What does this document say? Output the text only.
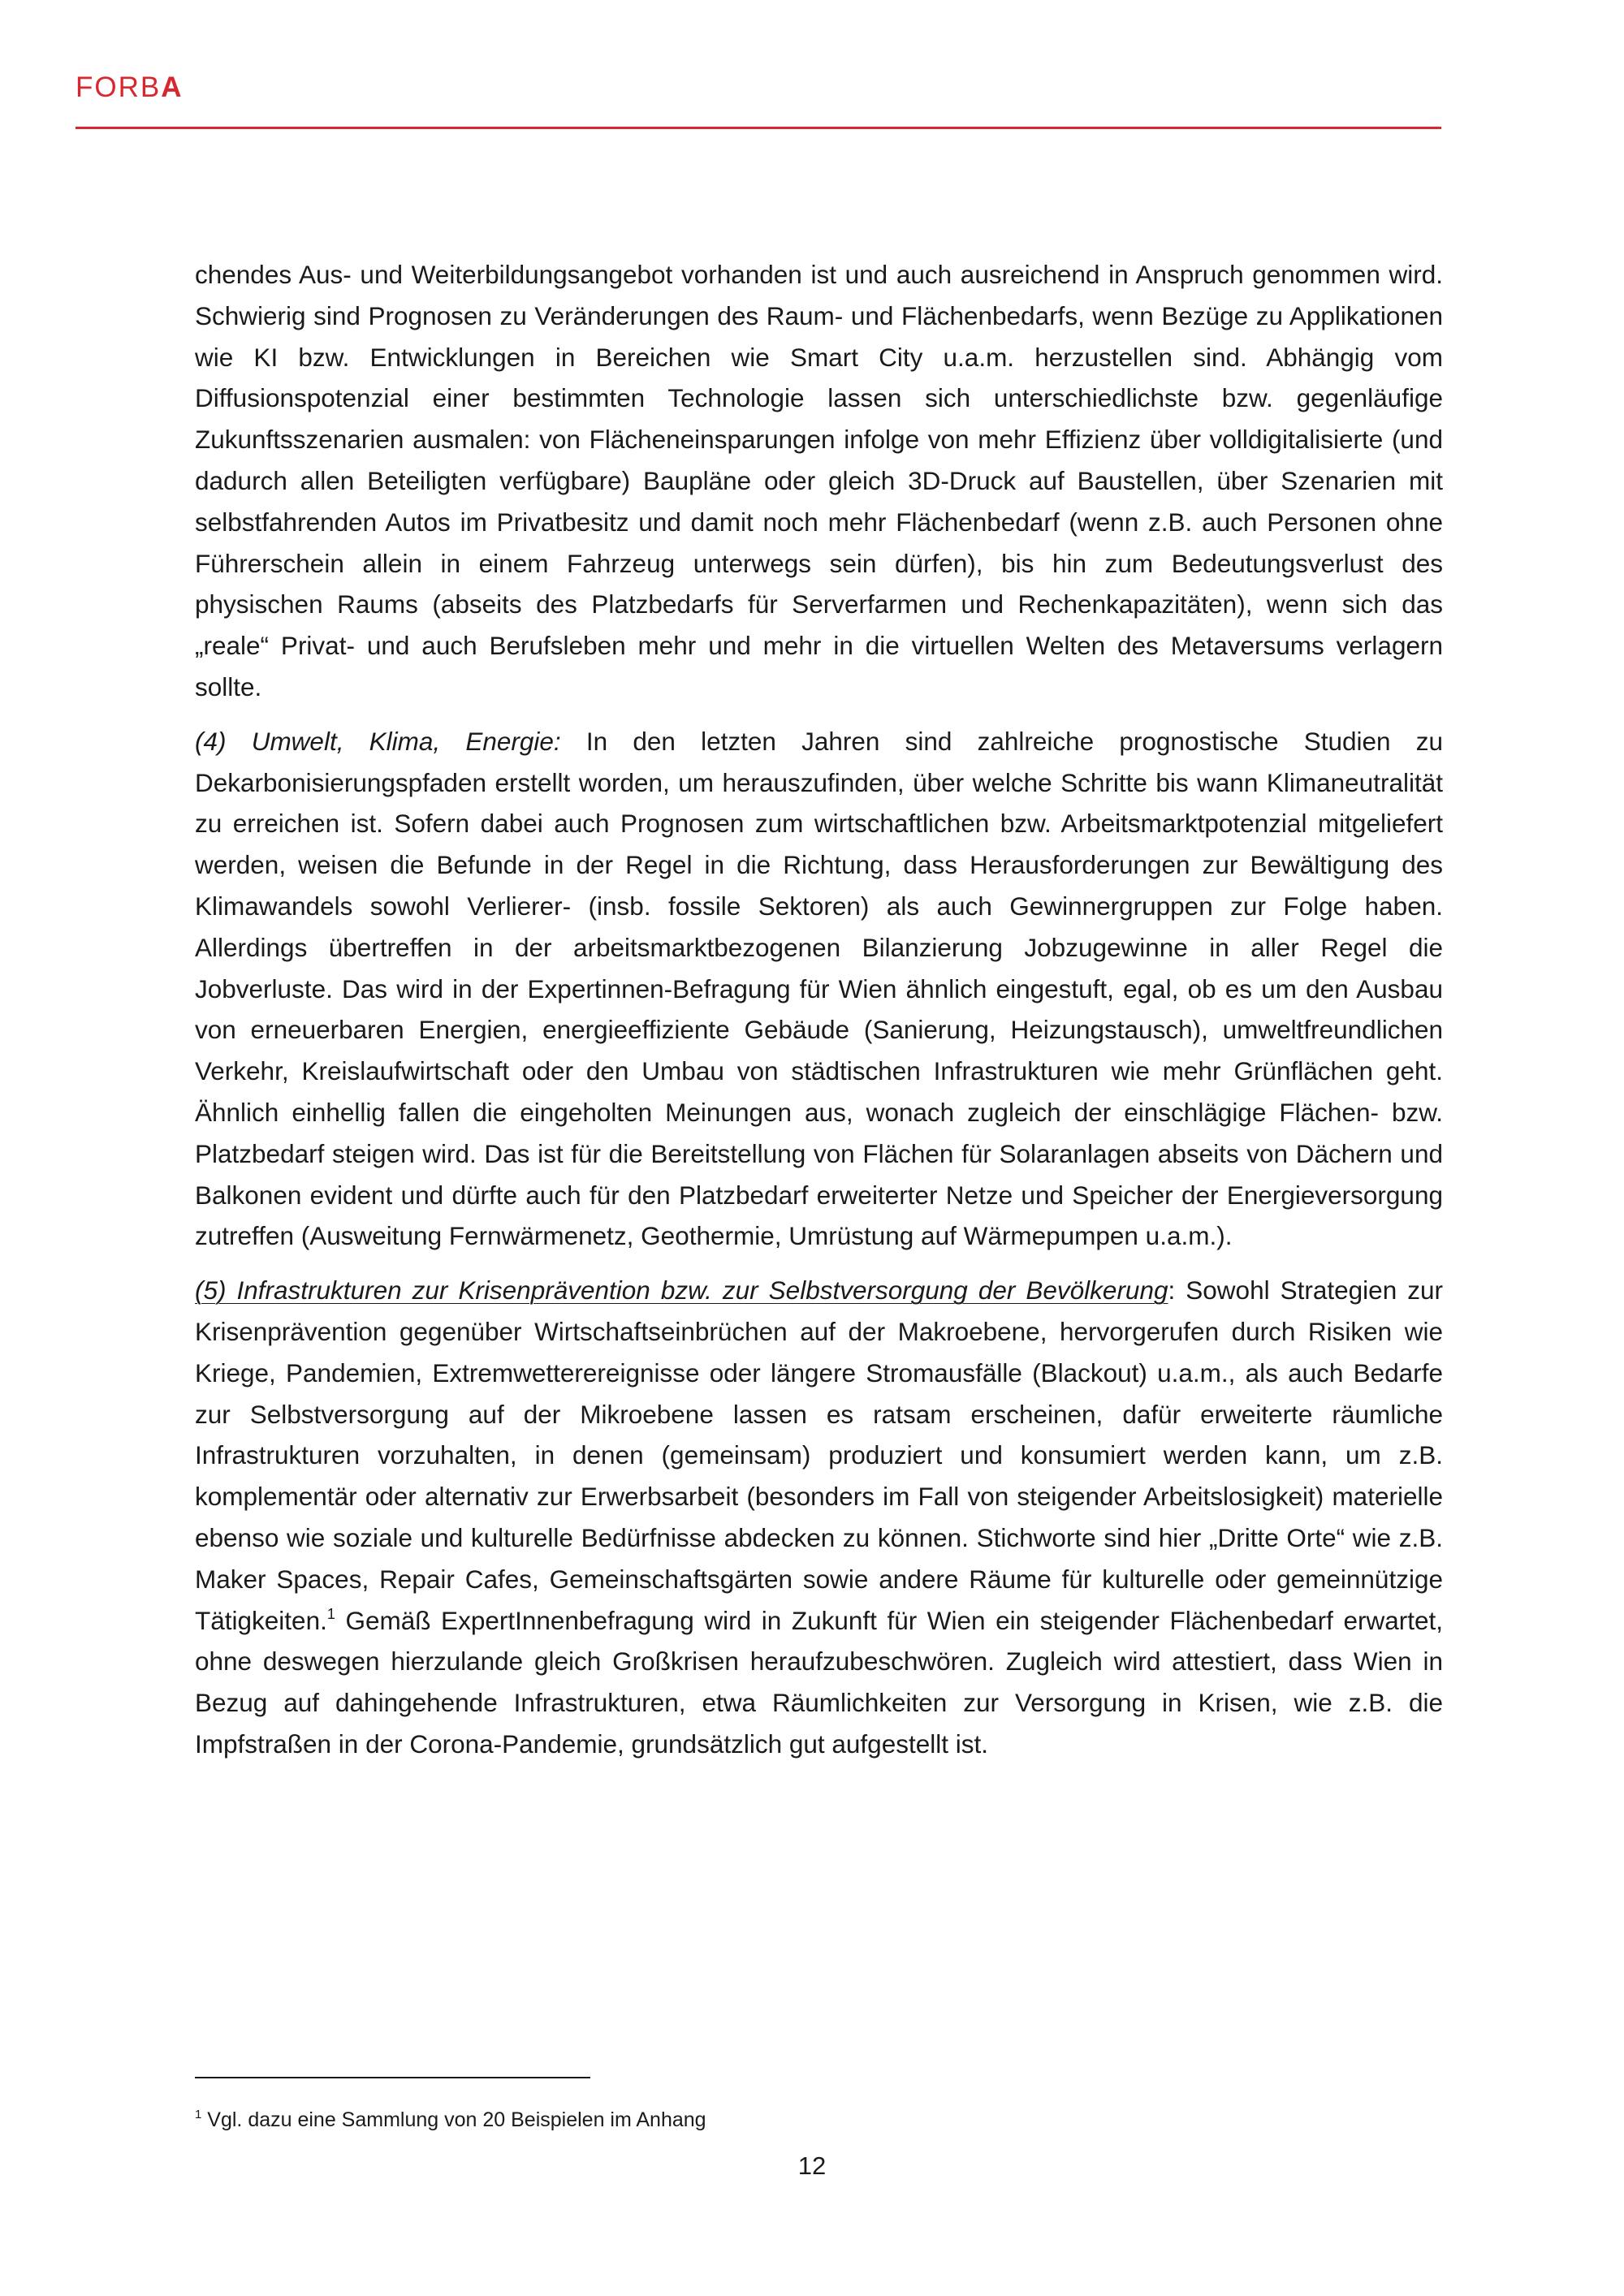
FORBA

chendes Aus- und Weiterbildungsangebot vorhanden ist und auch ausreichend in Anspruch genommen wird. Schwierig sind Prognosen zu Veränderungen des Raum- und Flächenbedarfs, wenn Bezüge zu Applikationen wie KI bzw. Entwicklungen in Bereichen wie Smart City u.a.m. herzustellen sind. Abhängig vom Diffusionspotenzial einer bestimmten Technologie lassen sich unterschiedlichste bzw. gegenläufige Zukunftsszenarien ausmalen: von Flächeneinsparungen infolge von mehr Effizienz über volldigitalisierte (und dadurch allen Beteiligten verfügbare) Baupläne oder gleich 3D-Druck auf Baustellen, über Szenarien mit selbstfahrenden Autos im Privatbesitz und damit noch mehr Flächenbedarf (wenn z.B. auch Personen ohne Führerschein allein in einem Fahrzeug unterwegs sein dürfen), bis hin zum Bedeutungsverlust des physischen Raums (abseits des Platzbedarfs für Serverfarmen und Rechenkapazitäten), wenn sich das „reale“ Privat- und auch Berufsleben mehr und mehr in die virtuellen Welten des Metaversums verlagern sollte.

(4) Umwelt, Klima, Energie: In den letzten Jahren sind zahlreiche prognostische Studien zu Dekarbonisierungspfaden erstellt worden, um herauszufinden, über welche Schritte bis wann Klimaneutralität zu erreichen ist. Sofern dabei auch Prognosen zum wirtschaftlichen bzw. Arbeitsmarktpotenzial mitgeliefert werden, weisen die Befunde in der Regel in die Richtung, dass Herausforderungen zur Bewältigung des Klimawandels sowohl Verlierer- (insb. fossile Sektoren) als auch Gewinnergruppen zur Folge haben. Allerdings übertreffen in der arbeitsmarktbezogenen Bilanzierung Jobzugewinne in aller Regel die Jobverluste. Das wird in der Expertinnen-Befragung für Wien ähnlich eingestuft, egal, ob es um den Ausbau von erneuerbaren Energien, energieeffiziente Gebäude (Sanierung, Heizungstausch), umweltfreundlichen Verkehr, Kreislaufwirtschaft oder den Umbau von städtischen Infrastrukturen wie mehr Grünflächen geht. Ähnlich einhellig fallen die eingeholten Meinungen aus, wonach zugleich der einschlägige Flächen- bzw. Platzbedarf steigen wird. Das ist für die Bereitstellung von Flächen für Solaranlagen abseits von Dächern und Balkonen evident und dürfte auch für den Platzbedarf erweiterter Netze und Speicher der Energieversorgung zutreffen (Ausweitung Fernwärmenetz, Geothermie, Umrüstung auf Wärmepumpen u.a.m.).

(5) Infrastrukturen zur Krisenprävention bzw. zur Selbstversorgung der Bevölkerung: Sowohl Strategien zur Krisenprävention gegenüber Wirtschaftseinbrüchen auf der Makroebene, hervorgerufen durch Risiken wie Kriege, Pandemien, Extremwetterereignisse oder längere Stromausfälle (Blackout) u.a.m., als auch Bedarfe zur Selbstversorgung auf der Mikroebene lassen es ratsam erscheinen, dafür erweiterte räumliche Infrastrukturen vorzuhalten, in denen (gemeinsam) produziert und konsumiert werden kann, um z.B. komplementär oder alternativ zur Erwerbsarbeit (besonders im Fall von steigender Arbeitslosigkeit) materielle ebenso wie soziale und kulturelle Bedürfnisse abdecken zu können. Stichworte sind hier „Dritte Orte“ wie z.B. Maker Spaces, Repair Cafes, Gemeinschaftsgärten sowie andere Räume für kulturelle oder gemeinnützige Tätigkeiten.$^1$ Gemäß ExpertInnenbefragung wird in Zukunft für Wien ein steigender Flächenbedarf erwartet, ohne deswegen hierzulande gleich Großkrisen heraufzubeschwören. Zugleich wird attestiert, dass Wien in Bezug auf dahingehende Infrastrukturen, etwa Räumlichkeiten zur Versorgung in Krisen, wie z.B. die Impfstraßen in der Corona-Pandemie, grundsätzlich gut aufgestellt ist.

$^1$ Vgl. dazu eine Sammlung von 20 Beispielen im Anhang
12
